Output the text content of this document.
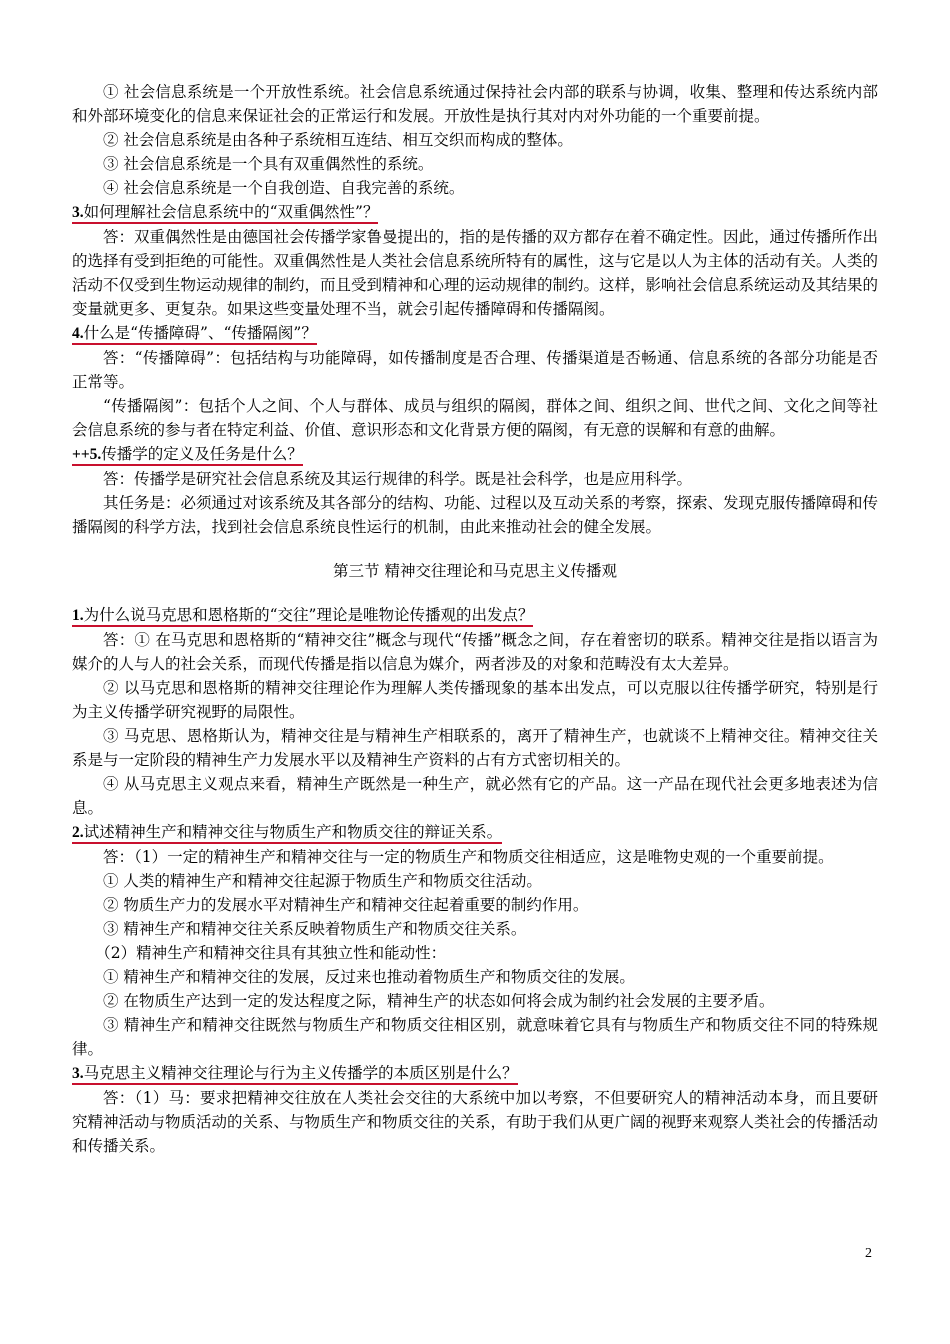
① 社会信息系统是一个开放性系统。社会信息系统通过保持社会内部的联系与协调，收集、整理和传达系统内部和外部环境变化的信息来保证社会的正常运行和发展。开放性是执行其对内对外功能的一个重要前提。

② 社会信息系统是由各种子系统相互连结、相互交织而构成的整体。

③ 社会信息系统是一个具有双重偶然性的系统。

④ 社会信息系统是一个自我创造、自我完善的系统。

3.如何理解社会信息系统中的“双重偶然性”？

答：双重偶然性是由德国社会传播学家鲁曼提出的，指的是传播的双方都存在着不确定性。因此，通过传播所作出的选择有受到拒绝的可能性。双重偶然性是人类社会信息系统所特有的属性，这与它是以人为主体的活动有关。人类的活动不仅受到生物运动规律的制约，而且受到精神和心理的运动规律的制约。这样，影响社会信息系统运动及其结果的变量就更多、更复杂。如果这些变量处理不当，就会引起传播障碍和传播隔阂。

4.什么是“传播障碍”、“传播隔阂”？

答：“传播障碍”：包括结构与功能障碍，如传播制度是否合理、传播渠道是否畅通、信息系统的各部分功能是否正常等。

“传播隔阂”：包括个人之间、个人与群体、成员与组织的隔阂，群体之间、组织之间、世代之间、文化之间等社会信息系统的参与者在特定利益、价值、意识形态和文化背景方便的隔阂，有无意的误解和有意的曲解。

++5.传播学的定义及任务是什么？

答：传播学是研究社会信息系统及其运行规律的科学。既是社会科学，也是应用科学。

其任务是：必须通过对该系统及其各部分的结构、功能、过程以及互动关系的考察，探索、发现克服传播障碍和传播隔阂的科学方法，找到社会信息系统良性运行的机制，由此来推动社会的健全发展。

第三节 精神交往理论和马克思主义传播观
1.为什么说马克思和恩格斯的“交往”理论是唯物论传播观的出发点？

答：① 在马克思和恩格斯的“精神交往”概念与现代“传播”概念之间，存在着密切的联系。精神交往是指以语言为媒介的人与人的社会关系，而现代传播是指以信息为媒介，两者涉及的对象和范畴没有太大差异。

② 以马克思和恩格斯的精神交往理论作为理解人类传播现象的基本出发点，可以克服以往传播学研究，特别是行为主义传播学研究视野的局限性。

③ 马克思、恩格斯认为，精神交往是与精神生产相联系的，离开了精神生产，也就谈不上精神交往。精神交往关系是与一定阶段的精神生产力发展水平以及精神生产资料的占有方式密切相关的。

④ 从马克思主义观点来看，精神生产既然是一种生产，就必然有它的产品。这一产品在现代社会更多地表述为信息。

2.试述精神生产和精神交往与物质生产和物质交往的辩证关系。

答：（1）一定的精神生产和精神交往与一定的物质生产和物质交往相适应，这是唯物史观的一个重要前提。

① 人类的精神生产和精神交往起源于物质生产和物质交往活动。

② 物质生产力的发展水平对精神生产和精神交往起着重要的制约作用。

③ 精神生产和精神交往关系反映着物质生产和物质交往关系。

（2）精神生产和精神交往具有其独立性和能动性：

① 精神生产和精神交往的发展，反过来也推动着物质生产和物质交往的发展。

② 在物质生产达到一定的发达程度之际，精神生产的状态如何将会成为制约社会发展的主要矛盾。

③ 精神生产和精神交往既然与物质生产和物质交往相区别，就意味着它具有与物质生产和物质交往不同的特殊规律。

3.马克思主义精神交往理论与行为主义传播学的本质区别是什么？

答：（1）马：要求把精神交往放在人类社会交往的大系统中加以考察，不但要研究人的精神活动本身，而且要研究精神活动与物质活动的关系、与物质生产和物质交往的关系，有助于我们从更广阔的视野来观察人类社会的传播活动和传播关系。

2
